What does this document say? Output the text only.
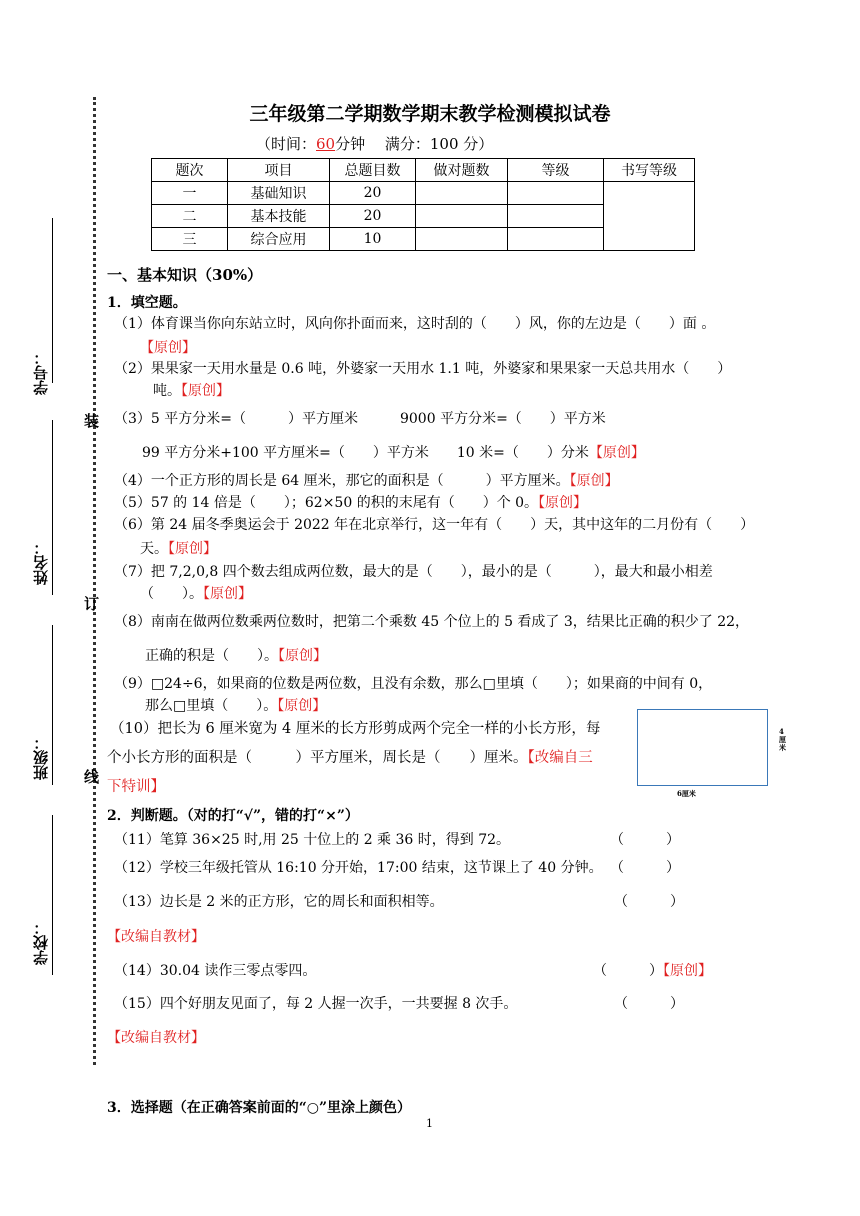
三年级第二学期数学期末教学检测模拟试卷
（时间：60分钟　 满分：100 分）
题次	项目	总题目数	做对题数	等级	书写等级
一	基础知识	20			
二	基本技能	20			
三	综合应用	10			
学号：
姓名：
班级：
学校：
装
订
线
一、基本知识（30%）
1．填空题。
（1）体育课当你向东站立时，风向你扑面而来，这时刮的（　　）风，你的左边是（　　）面 。
【原创】
（2）果果家一天用水量是 0.6 吨，外婆家一天用水 1.1 吨，外婆家和果果家一天总共用水（　　）
吨。【原创】
（3）5 平方分米=（　　　）平方厘米　　　9000 平方分米=（　　）平方米
99 平方分米+100 平方厘米=（　　）平方米　　10 米=（　　）分米【原创】
（4）一个正方形的周长是 64 厘米，那它的面积是（　　　）平方厘米。【原创】
（5）57 的 14 倍是（　　）；62×50 的积的末尾有（　　）个 0。【原创】
（6）第 24 届冬季奥运会于 2022 年在北京举行，这一年有（　　）天，其中这年的二月份有（　　）
天。【原创】
（7）把 7,2,0,8 四个数去组成两位数，最大的是（　　），最小的是（　　　），最大和最小相差
（　　）。【原创】
（8）南南在做两位数乘两位数时，把第二个乘数 45 个位上的 5 看成了 3，结果比正确的积少了 22，
正确的积是（　　）。【原创】
（9）□24÷6，如果商的位数是两位数，且没有余数，那么□里填（　　）；如果商的中间有 0，
那么□里填（　　）。【原创】
（10）把长为 6 厘米宽为 4 厘米的长方形剪成两个完全一样的小长方形，每
个小长方形的面积是（　　　）平方厘米，周长是（　　）厘米。【改编自三
下特训】	6厘米
4厘米
2．判断题。（对的打“√”，错的打“×”）
（11）笔算 36×25 时,用 25 十位上的 2 乘 36 时，得到 72。	（　　　）
（12）学校三年级托管从 16:10 分开始，17:00 结束，这节课上了 40 分钟。 （　　　）
（13）边长是 2 米的正方形，它的周长和面积相等。	（　　　）
【改编自教材】
（14）30.04 读作三零点零四。	（　　　）【原创】
（15）四个好朋友见面了，每 2 人握一次手，一共要握 8 次手。	（　　　）
【改编自教材】
3．选择题（在正确答案前面的“○”里涂上颜色）
1
